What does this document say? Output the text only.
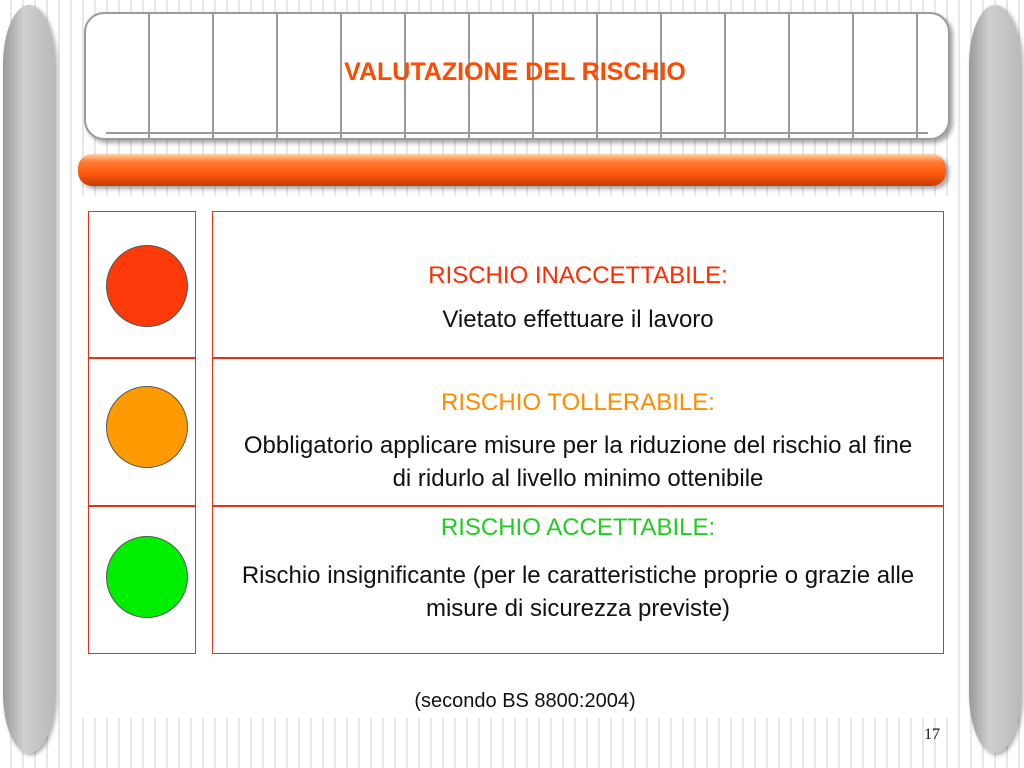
VALUTAZIONE DEL RISCHIO
RISCHIO INACCETTABILE:
Vietato effettuare il lavoro
RISCHIO TOLLERABILE:
Obbligatorio applicare misure per la riduzione del rischio al fine di ridurlo al livello minimo ottenibile
RISCHIO ACCETTABILE:
Rischio insignificante (per le caratteristiche proprie o grazie alle misure di sicurezza previste)
(secondo BS 8800:2004)
17
